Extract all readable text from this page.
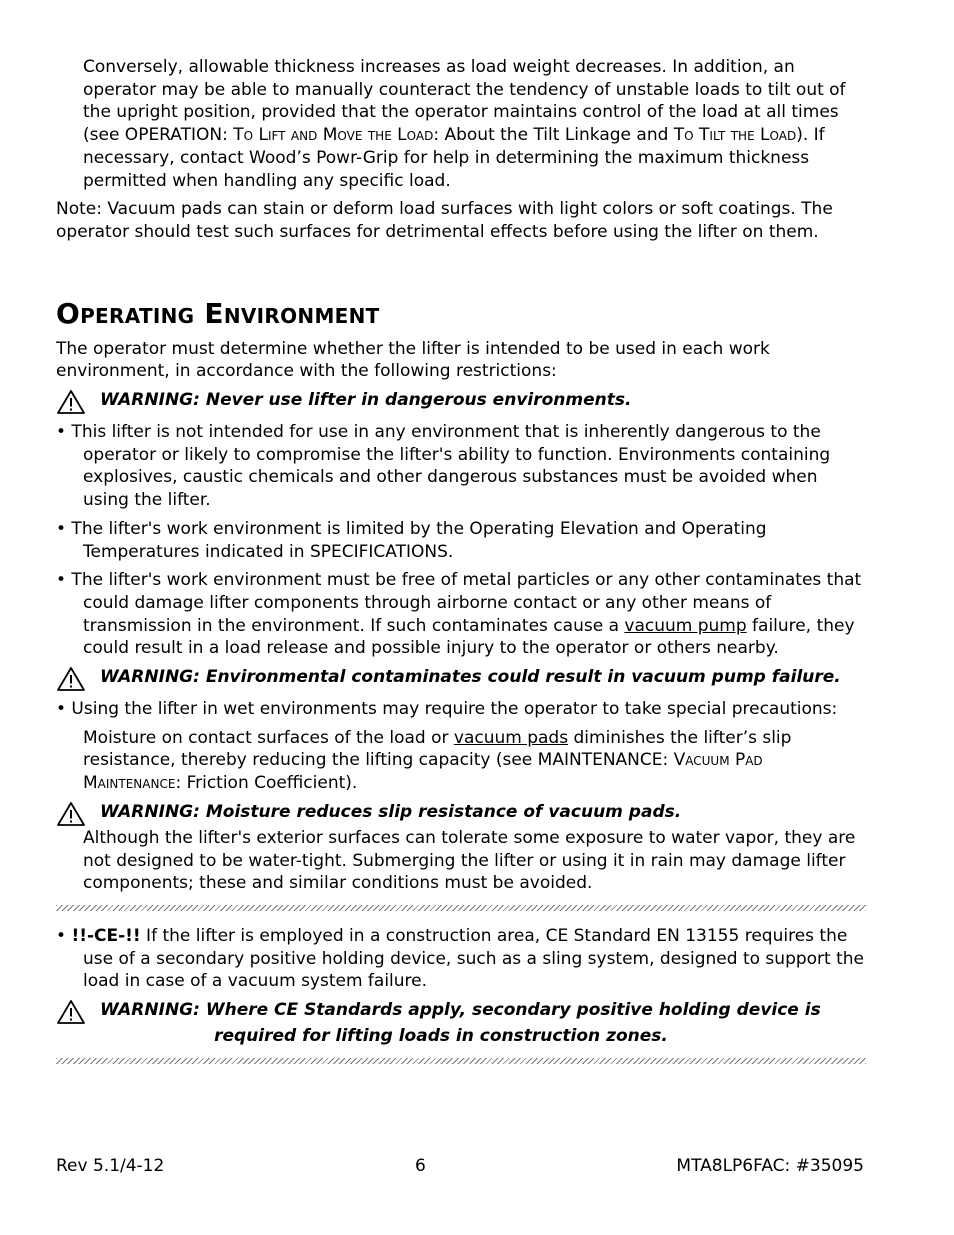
Conversely, allowable thickness increases as load weight decreases. In addition, an operator may be able to manually counteract the tendency of unstable loads to tilt out of the upright position, provided that the operator maintains control of the load at all times (see OPERATION: To Lift and Move the Load: About the Tilt Linkage and To Tilt the Load). If necessary, contact Wood’s Powr-Grip for help in determining the maximum thickness permitted when handling any specific load.

Note: Vacuum pads can stain or deform load surfaces with light colors or soft coatings. The operator should test such surfaces for detrimental effects before using the lifter on them.

Operating Environment

The operator must determine whether the lifter is intended to be used in each work environment, in accordance with the following restrictions:

WARNING: Never use lifter in dangerous environments.

• This lifter is not intended for use in any environment that is inherently dangerous to the operator or likely to compromise the lifter's ability to function. Environments containing explosives, caustic chemicals and other dangerous substances must be avoided when using the lifter.

• The lifter's work environment is limited by the Operating Elevation and Operating Temperatures indicated in SPECIFICATIONS.

• The lifter's work environment must be free of metal particles or any other contaminates that could damage lifter components through airborne contact or any other means of transmission in the environment. If such contaminates cause a vacuum pump failure, they could result in a load release and possible injury to the operator or others nearby.

WARNING: Environmental contaminates could result in vacuum pump failure.

• Using the lifter in wet environments may require the operator to take special precautions:

Moisture on contact surfaces of the load or vacuum pads diminishes the lifter’s slip resistance, thereby reducing the lifting capacity (see MAINTENANCE: Vacuum Pad Maintenance: Friction Coefficient).

WARNING: Moisture reduces slip resistance of vacuum pads.

Although the lifter's exterior surfaces can tolerate some exposure to water vapor, they are not designed to be water-tight. Submerging the lifter or using it in rain may damage lifter components; these and similar conditions must be avoided.

• !!-CE-!! If the lifter is employed in a construction area, CE Standard EN 13155 requires the use of a secondary positive holding device, such as a sling system, designed to support the load in case of a vacuum system failure.

WARNING: Where CE Standards apply, secondary positive holding device is
required for lifting loads in construction zones.
Rev 5.1/4-12	6	MTA8LP6FAC: #35095
